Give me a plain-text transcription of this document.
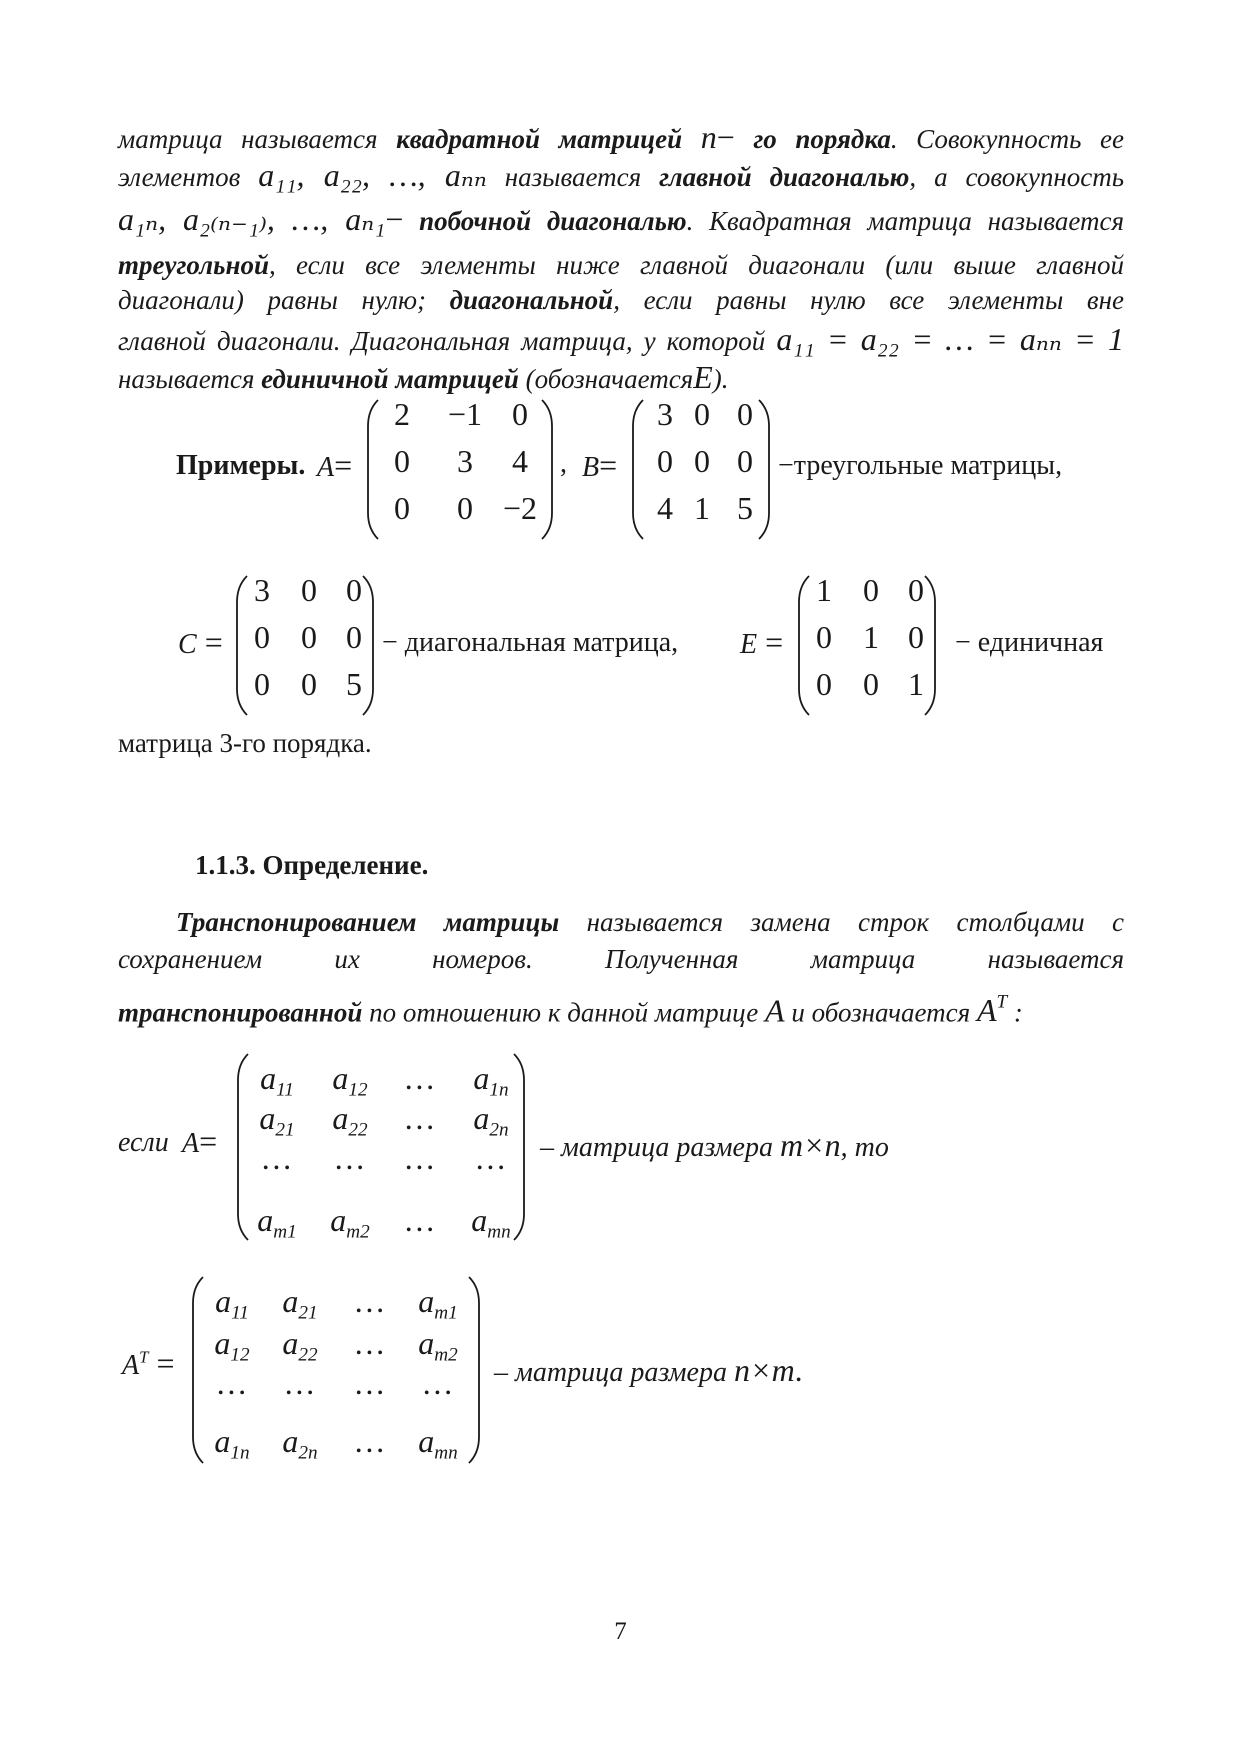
матрица называется квадратной матрицей n− го порядка. Совокупность ее
элементов a₁₁, a₂₂, …, aₙₙ называется главной диагональю, а совокупность
a₁ₙ, a₂₍ₙ₋₁₎, …, aₙ₁− побочной диагональю. Квадратная матрица называется
треугольной, если все элементы ниже главной диагонали (или выше главной
диагонали) равны нулю; диагональной, если равны нулю все элементы вне
главной диагонали. Диагональная матрица, у которой a₁₁ = a₂₂ = … = aₙₙ = 1
называется единичной матрицей (обозначаетсяE).
Примеры. A=
2	−1 0
0	3	4
0	0 −2
, B=
3 0 0
0 0 0
4 1 5
−треугольные матрицы,
C =
3 0 0
0 0 0
0 0 5
− диагональная матрица, E =
1 0 0
0 1 0
0 0 1
− единичная
матрица 3-го порядка.
1.1.3. Определение.
Транспонированием матрицы называется замена строк столбцами с
сохранением	их	номеров.	Полученная	матрица	называется
транспонированной по отношению к данной матрице A и обозначается $A^T$ :
если A=
$a_{11}$	$a_{12}$	…	$a_{1n}$
$a_{21}$	$a_{22}$	…	$a_{2n}$
…	…	…	…
$a_{m1}$	$a_{m2}$	…	$a_{mn}$
– матрица размера m×n, то
$A^T$ =
$a_{11}$	$a_{21}$	…	$a_{m1}$
$a_{12}$	$a_{22}$	…	$a_{m2}$
…	…	…	…
$a_{1n}$	$a_{2n}$	…	$a_{mn}$
– матрица размера n×m.
7
